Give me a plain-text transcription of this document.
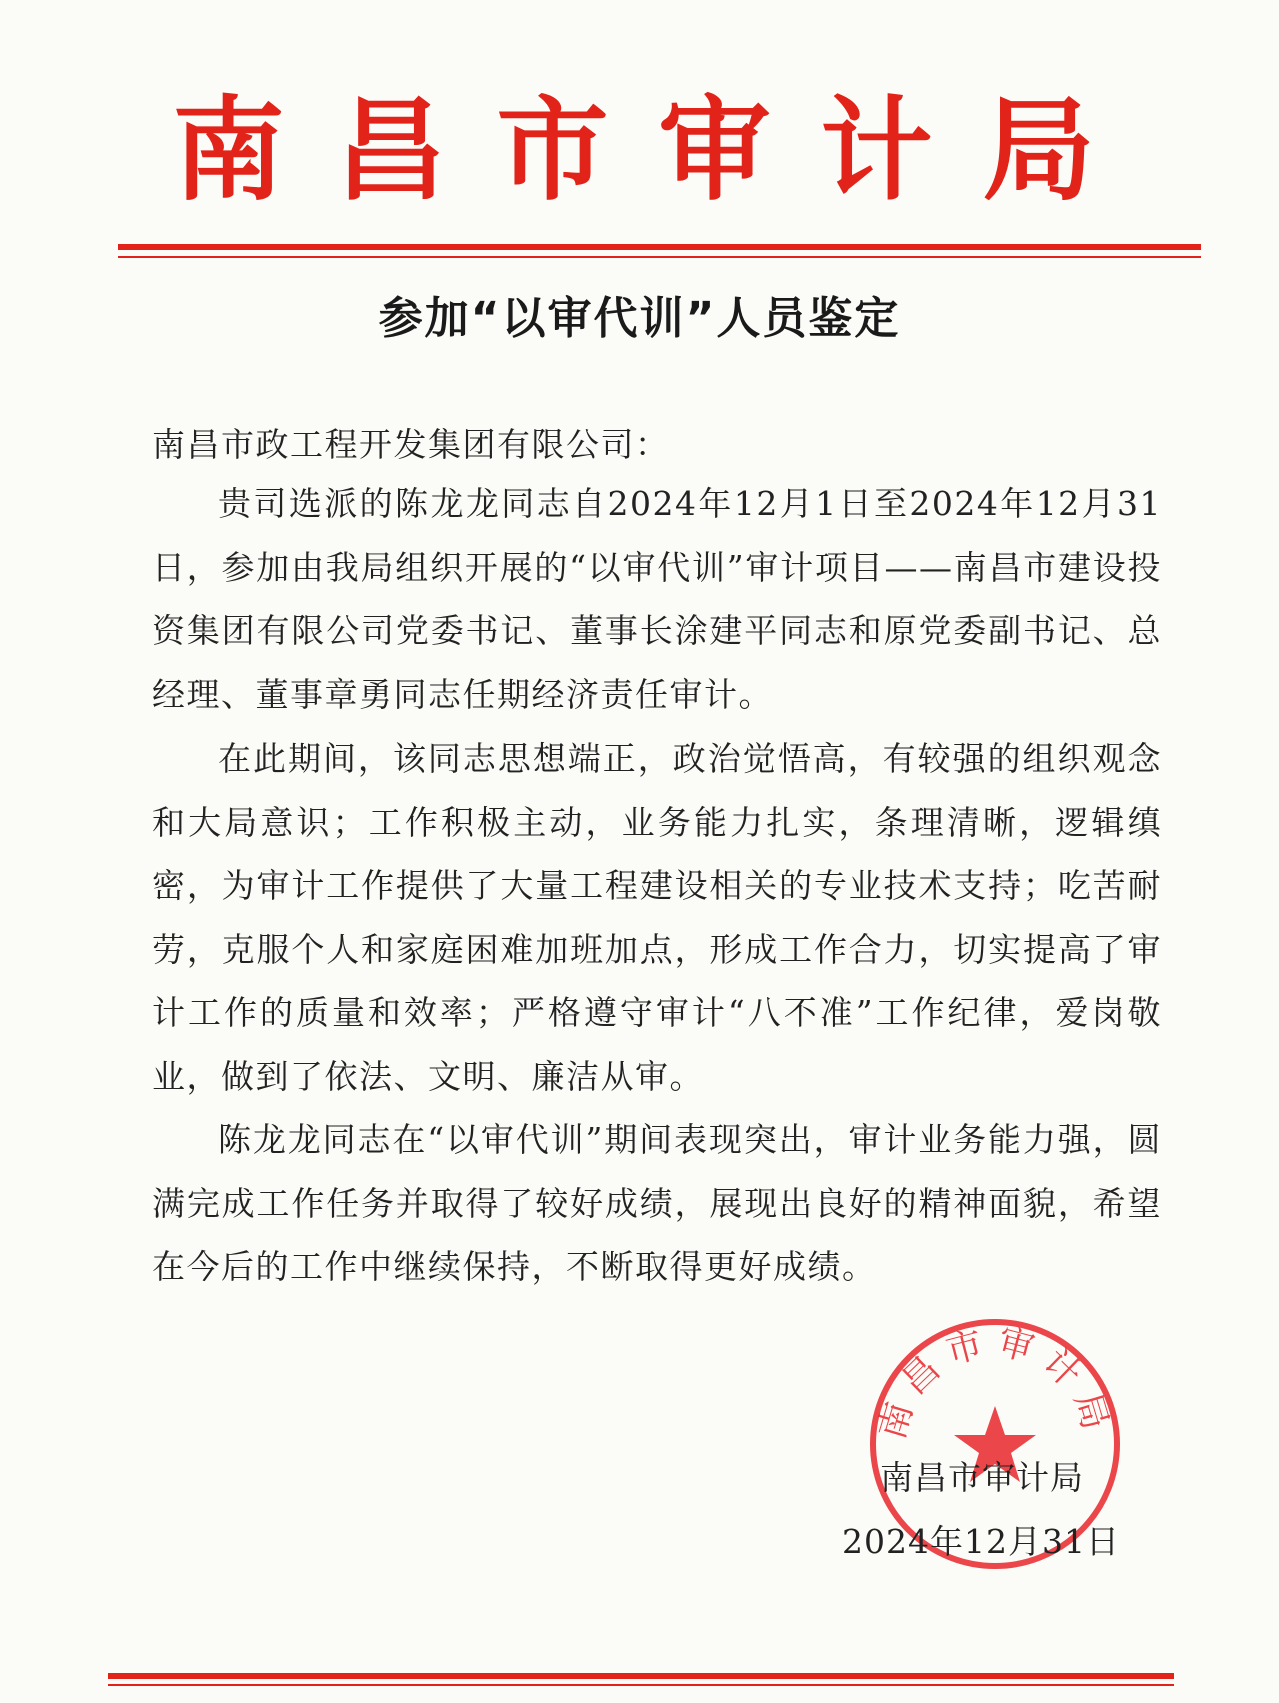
南昌市审计局
参加“以审代训”人员鉴定
南昌市政工程开发集团有限公司：

贵司选派的陈龙龙同志自2024年12月1日至2024年12月31日，参加由我局组织开展的“以审代训”审计项目——南昌市建设投资集团有限公司党委书记、董事长涂建平同志和原党委副书记、总经理、董事章勇同志任期经济责任审计。

在此期间，该同志思想端正，政治觉悟高，有较强的组织观念和大局意识；工作积极主动，业务能力扎实，条理清晰，逻辑缜密，为审计工作提供了大量工程建设相关的专业技术支持；吃苦耐劳，克服个人和家庭困难加班加点，形成工作合力，切实提高了审计工作的质量和效率；严格遵守审计“八不准”工作纪律，爱岗敬业，做到了依法、文明、廉洁从审。

陈龙龙同志在“以审代训”期间表现突出，审计业务能力强，圆满完成工作任务并取得了较好成绩，展现出良好的精神面貌，希望在今后的工作中继续保持，不断取得更好成绩。

南昌市审计局
南昌市审计局
2024年12月31日
